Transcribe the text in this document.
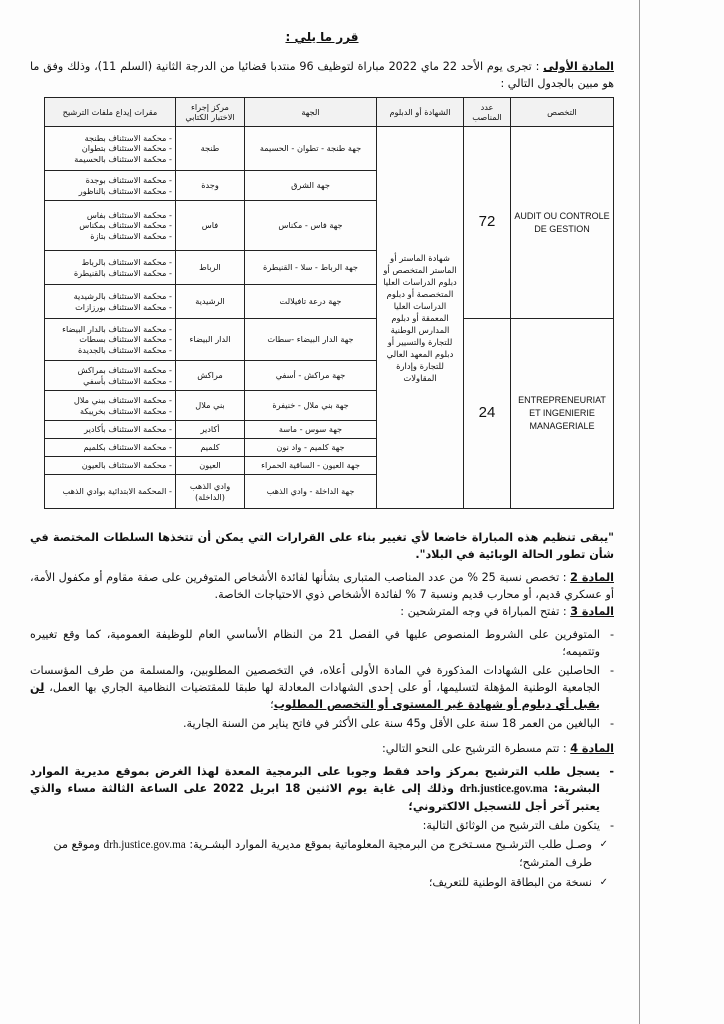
قرر ما يلي :

المادة الأولى : تجرى يوم الأحد 22 ماي 2022 مباراة لتوظيف 96 منتدبا قضائيا من الدرجة الثانية (السلم 11)، وذلك وفق ما هو مبين بالجدول التالي :

التخصص	عدد المناصب	الشهادة أو الدبلوم	الجهة	مركز إجراء الاختبار الكتابي	مقرات إيداع ملفات الترشيح
AUDIT OU CONTROLE DE GESTION	72	شهادة الماستر أو الماستر المتخصص أو دبلوم الدراسات العليا المتخصصة أو دبلوم الدراسات العليا المعمقة أو دبلوم المدارس الوطنية للتجارة والتسيير أو دبلوم المعهد العالي للتجارة وإدارة المقاولات	جهة طنجة - تطوان - الحسيمة	طنجة	- محكمة الاستئناف بطنجة
- محكمة الاستئناف بتطوان
- محكمة الاستئناف بالحسيمة

			جهة الشرق	وجدة	- محكمة الاستئناف بوجدة
- محكمة الاستئناف بالناظور

			جهة فاس - مكناس	فاس	- محكمة الاستئناف بفاس
- محكمة الاستئناف بمكناس
- محكمة الاستئناف بتازة

			جهة الرباط - سلا - القنيطرة	الرباط	- محكمة الاستئناف بالرباط
- محكمة الاستئناف بالقنيطرة

			جهة درعة تافيلالت	الرشيدية	- محكمة الاستئناف بالرشيدية
- محكمة الاستئناف بورزازات

ENTREPRENEURIAT ET INGENIERIE MANAGERIALE	24		جهة الدار البيضاء -سطات	الدار البيضاء	- محكمة الاستئناف بالدار البيضاء
- محكمة الاستئناف بسطات
- محكمة الاستئناف بالجديدة

			جهة مراكش - أسفي	مراكش	- محكمة الاستئناف بمراكش
- محكمة الاستئناف بأسفي

			جهة بني ملال - خنيفرة	بني ملال	- محكمة الاستئناف ببني ملال
- محكمة الاستئناف بخريبكة

			جهة سوس - ماسة	أكادير	- محكمة الاستئناف بأكادير

			جهة كلميم - واد نون	كلميم	- محكمة الاستئناف بكلميم

			جهة العيون - الساقية الحمراء	العيون	- محكمة الاستئناف بالعيون

			جهة الداخلة - وادي الذهب	وادي الذهب (الداخلة)	- المحكمة الابتدائية بوادي الذهب

"يبقى تنظيم هذه المباراة خاضعا لأي تغيير بناء على القرارات التي يمكن أن تتخذها السلطات المختصة في شأن تطور الحالة الوبائية في البلاد".

المادة 2 : تخصص نسبة 25 % من عدد المناصب المتبارى بشأنها لفائدة الأشخاص المتوفرين على صفة مقاوم أو مكفول الأمة، أو عسكري قديم، أو محارب قديم ونسبة 7 % لفائدة الأشخاص ذوي الاحتياجات الخاصة.

المادة 3 : تفتح المباراة في وجه المترشحين :

- المتوفرين على الشروط المنصوص عليها في الفصل 21 من النظام الأساسي العام للوظيفة العمومية، كما وقع تغييره وتتميمه؛
- الحاصلين على الشهادات المذكورة في المادة الأولى أعلاه، في التخصصين المطلوبين، والمسلمة من طرف المؤسسات الجامعية الوطنية المؤهلة لتسليمها، أو على إحدى الشهادات المعادلة لها طبقا للمقتضيات النظامية الجاري بها العمل، لن يقبل أي دبلوم أو شهادة غير المستوى أو التخصص المطلوب؛
- البالغين من العمر 18 سنة على الأقل و45 سنة على الأكثر في فاتح يناير من السنة الجارية.

المادة 4 : تتم مسطرة الترشيح على النحو التالي:

- يسجل طلب الترشيح بمركز واحد فقط وجوبا على البرمجية المعدة لهذا الغرض بموقع مديرية الموارد البشرية: drh.justice.gov.ma وذلك إلى غاية يوم الاثنين 18 ابريل 2022 على الساعة الثالثة مساء والذي يعتبر آخر أجل للتسجيل الالكتروني؛
- يتكون ملف الترشيح من الوثائق التالية:
✓ وصـل طلب الترشـيح مسـتخرج من البرمجية المعلوماتية بموقع مديرية الموارد البشـرية: drh.justice.gov.ma وموقع من طرف المترشح؛
✓ نسخة من البطاقة الوطنية للتعريف؛
